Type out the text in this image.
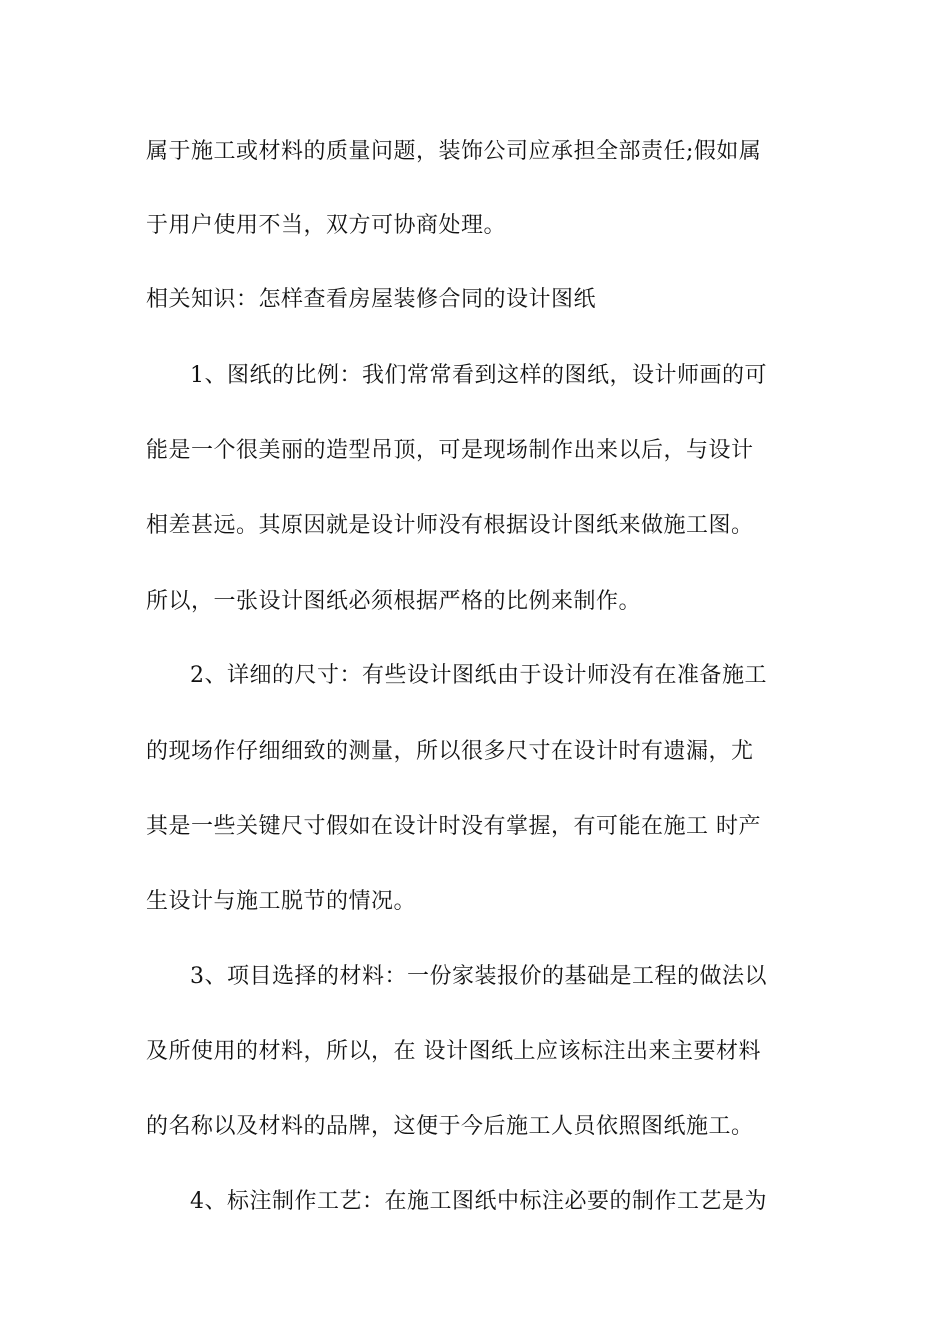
属于施工或材料的质量问题，装饰公司应承担全部责任;假如属
于用户使用不当，双方可协商处理。
相关知识：怎样查看房屋装修合同的设计图纸
1、图纸的比例：我们常常看到这样的图纸，设计师画的可
能是一个很美丽的造型吊顶，可是现场制作出来以后，与设计
相差甚远。其原因就是设计师没有根据设计图纸来做施工图。
所以，一张设计图纸必须根据严格的比例来制作。
2、详细的尺寸：有些设计图纸由于设计师没有在准备施工
的现场作仔细细致的测量，所以很多尺寸在设计时有遗漏，尤
其是一些关键尺寸假如在设计时没有掌握，有可能在施工 时产
生设计与施工脱节的情况。
3、项目选择的材料：一份家装报价的基础是工程的做法以
及所使用的材料，所以，在 设计图纸上应该标注出来主要材料
的名称以及材料的品牌，这便于今后施工人员依照图纸施工。
4、标注制作工艺：在施工图纸中标注必要的制作工艺是为
